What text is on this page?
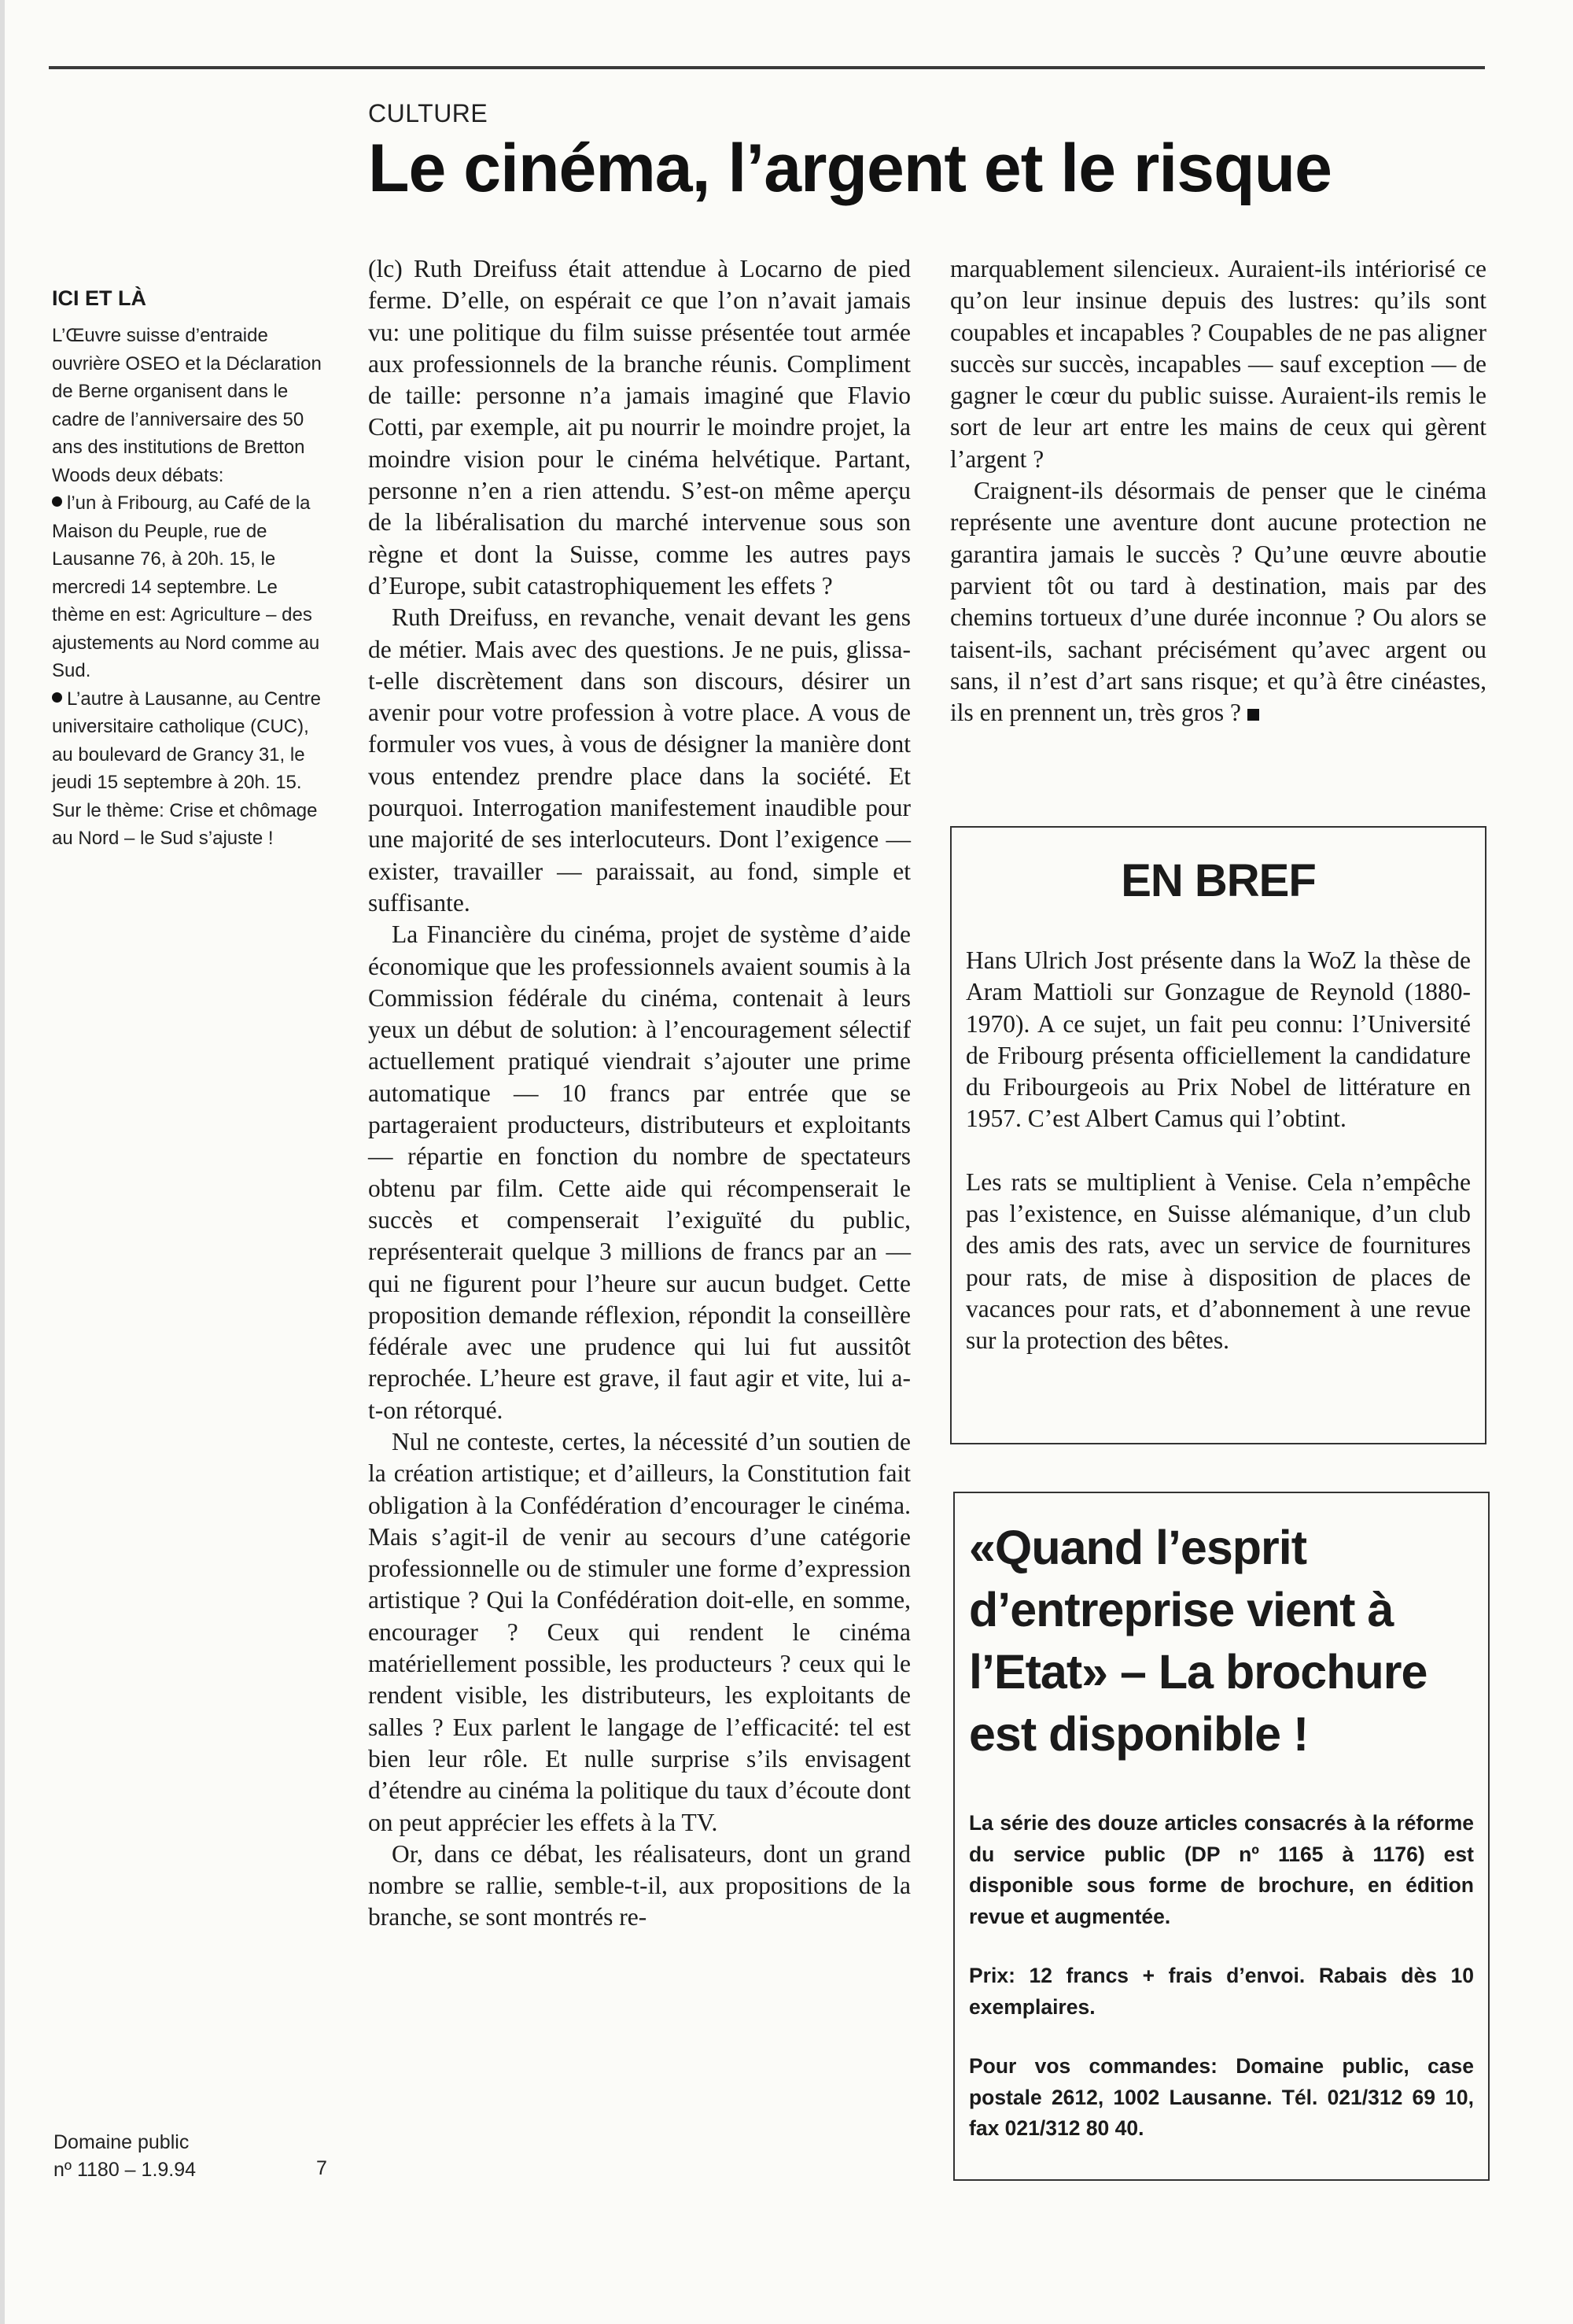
CULTURE
Le cinéma, l’argent et le risque
ICI ET LÀ
L’Œuvre suisse d’entraide ouvrière OSEO et la Déclaration de Berne organisent dans le cadre de l’anniversaire des 50 ans des institutions de Bretton Woods deux débats:
l’un à Fribourg, au Café de la Maison du Peuple, rue de Lausanne 76, à 20h. 15, le mercredi 14 septembre. Le thème en est: Agriculture – des ajustements au Nord comme au Sud.
L’autre à Lausanne, au Centre universitaire catholique (CUC), au boulevard de Grancy 31, le jeudi 15 septembre à 20h. 15. Sur le thème: Crise et chômage au Nord – le Sud s’ajuste !
Domaine public
nº 1180 – 1.9.94	7

(lc) Ruth Dreifuss était attendue à Locarno de pied ferme. D’elle, on espérait ce que l’on n’avait jamais vu: une politique du film suisse présentée tout armée aux professionnels de la branche réunis. Compliment de taille: personne n’a jamais imaginé que Flavio Cotti, par exemple, ait pu nourrir le moindre projet, la moindre vision pour le cinéma helvétique. Partant, personne n’en a rien attendu. S’est-on même aperçu de la libéralisation du marché intervenue sous son règne et dont la Suisse, comme les autres pays d’Europe, subit catastrophiquement les effets ?

Ruth Dreifuss, en revanche, venait devant les gens de métier. Mais avec des questions. Je ne puis, glissa-t-elle discrètement dans son discours, désirer un avenir pour votre profession à votre place. A vous de formuler vos vues, à vous de désigner la manière dont vous entendez prendre place dans la société. Et pourquoi. Interrogation manifestement inaudible pour une majorité de ses interlocuteurs. Dont l’exigence — exister, travailler — paraissait, au fond, simple et suffisante.

La Financière du cinéma, projet de système d’aide économique que les professionnels avaient soumis à la Commission fédérale du cinéma, contenait à leurs yeux un début de solution: à l’encouragement sélectif actuellement pratiqué viendrait s’ajouter une prime automatique — 10 francs par entrée que se partageraient producteurs, distributeurs et exploitants — répartie en fonction du nombre de spectateurs obtenu par film. Cette aide qui récompenserait le succès et compenserait l’exiguïté du public, représenterait quelque 3 millions de francs par an — qui ne figurent pour l’heure sur aucun budget. Cette proposition demande réflexion, répondit la conseillère fédérale avec une prudence qui lui fut aussitôt reprochée. L’heure est grave, il faut agir et vite, lui a-t-on rétorqué.

Nul ne conteste, certes, la nécessité d’un soutien de la création artistique; et d’ailleurs, la Constitution fait obligation à la Confédération d’encourager le cinéma. Mais s’agit-il de venir au secours d’une catégorie professionnelle ou de stimuler une forme d’expression artistique ? Qui la Confédération doit-elle, en somme, encourager ? Ceux qui rendent le cinéma matériellement possible, les producteurs ? ceux qui le rendent visible, les distributeurs, les exploitants de salles ? Eux parlent le langage de l’efficacité: tel est bien leur rôle. Et nulle surprise s’ils envisagent d’étendre au cinéma la politique du taux d’écoute dont on peut apprécier les effets à la TV.

Or, dans ce débat, les réalisateurs, dont un grand nombre se rallie, semble-t-il, aux propositions de la branche, se sont montrés re-

marquablement silencieux. Auraient-ils intériorisé ce qu’on leur insinue depuis des lustres: qu’ils sont coupables et incapables ? Coupables de ne pas aligner succès sur succès, incapables — sauf exception — de gagner le cœur du public suisse. Auraient-ils remis le sort de leur art entre les mains de ceux qui gèrent l’argent ?

Craignent-ils désormais de penser que le cinéma représente une aventure dont aucune protection ne garantira jamais le succès ? Qu’une œuvre aboutie parvient tôt ou tard à destination, mais par des chemins tortueux d’une durée inconnue ? Ou alors se taisent-ils, sachant précisément qu’avec argent ou sans, il n’est d’art sans risque; et qu’à être cinéastes, ils en prennent un, très gros ?

EN BREF

Hans Ulrich Jost présente dans la WoZ la thèse de Aram Mattioli sur Gonzague de Reynold (1880-1970). A ce sujet, un fait peu connu: l’Université de Fribourg présenta officiellement la candidature du Fribourgeois au Prix Nobel de littérature en 1957. C’est Albert Camus qui l’obtint.

Les rats se multiplient à Venise. Cela n’empêche pas l’existence, en Suisse alémanique, d’un club des amis des rats, avec un service de fournitures pour rats, de mise à disposition de places de vacances pour rats, et d’abonnement à une revue sur la protection des bêtes.

«Quand l’esprit d’entreprise vient à l’Etat» – La brochure est disponible !

La série des douze articles consacrés à la réforme du service public (DP nº 1165 à 1176) est disponible sous forme de brochure, en édition revue et augmentée.

Prix: 12 francs + frais d’envoi. Rabais dès 10 exemplaires.

Pour vos commandes: Domaine public, case postale 2612, 1002 Lausanne. Tél. 021/312 69 10, fax 021/312 80 40.
